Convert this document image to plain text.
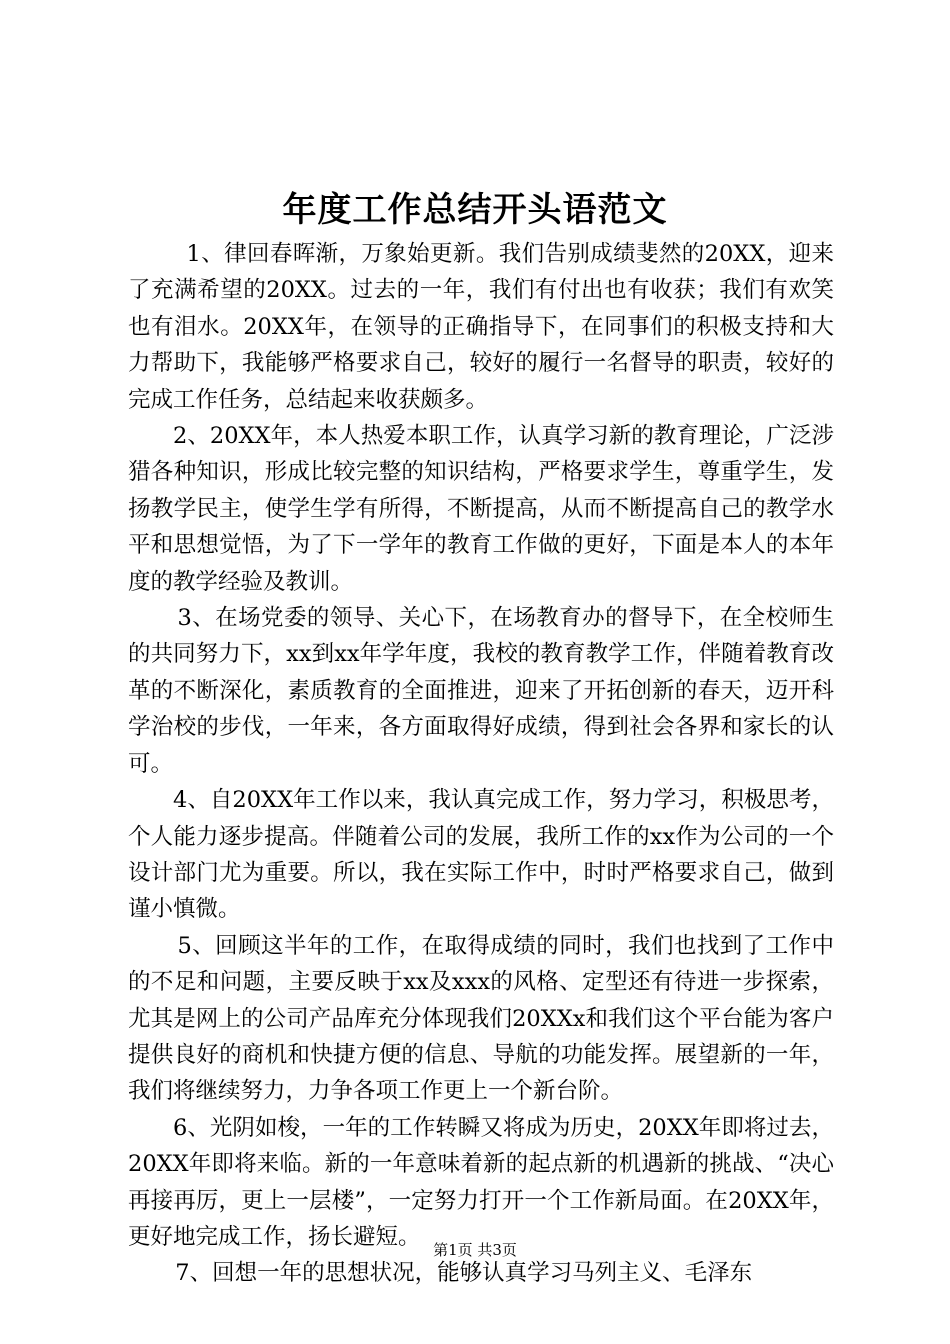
年度工作总结开头语范文

1、律回春晖渐，万象始更新。我们告别成绩斐然的20XX，迎来了充满希望的20XX。过去的一年，我们有付出也有收获；我们有欢笑也有泪水。20XX年，在领导的正确指导下，在同事们的积极支持和大力帮助下，我能够严格要求自己，较好的履行一名督导的职责，较好的完成工作任务，总结起来收获颇多。

2、20XX年，本人热爱本职工作，认真学习新的教育理论，广泛涉猎各种知识，形成比较完整的知识结构，严格要求学生，尊重学生，发扬教学民主，使学生学有所得，不断提高，从而不断提高自己的教学水平和思想觉悟，为了下一学年的教育工作做的更好，下面是本人的本年度的教学经验及教训。

3、在场党委的领导、关心下，在场教育办的督导下，在全校师生的共同努力下，xx到xx年学年度，我校的教育教学工作，伴随着教育改革的不断深化，素质教育的全面推进，迎来了开拓创新的春天，迈开科学治校的步伐，一年来，各方面取得好成绩，得到社会各界和家长的认可。

4、自20XX年工作以来，我认真完成工作，努力学习，积极思考，个人能力逐步提高。伴随着公司的发展，我所工作的xx作为公司的一个设计部门尤为重要。所以，我在实际工作中，时时严格要求自己，做到谨小慎微。

5、回顾这半年的工作，在取得成绩的同时，我们也找到了工作中的不足和问题，主要反映于xx及xxx的风格、定型还有待进一步探索，尤其是网上的公司产品库充分体现我们20XXx和我们这个平台能为客户提供良好的商机和快捷方便的信息、导航的功能发挥。展望新的一年，我们将继续努力，力争各项工作更上一个新台阶。

6、光阴如梭，一年的工作转瞬又将成为历史，20XX年即将过去，20XX年即将来临。新的一年意味着新的起点新的机遇新的挑战、“决心再接再厉，更上一层楼”，一定努力打开一个工作新局面。在20XX年，更好地完成工作，扬长避短。

7、回想一年的思想状况，能够认真学习马列主义、毛泽东

第1页 共3页
